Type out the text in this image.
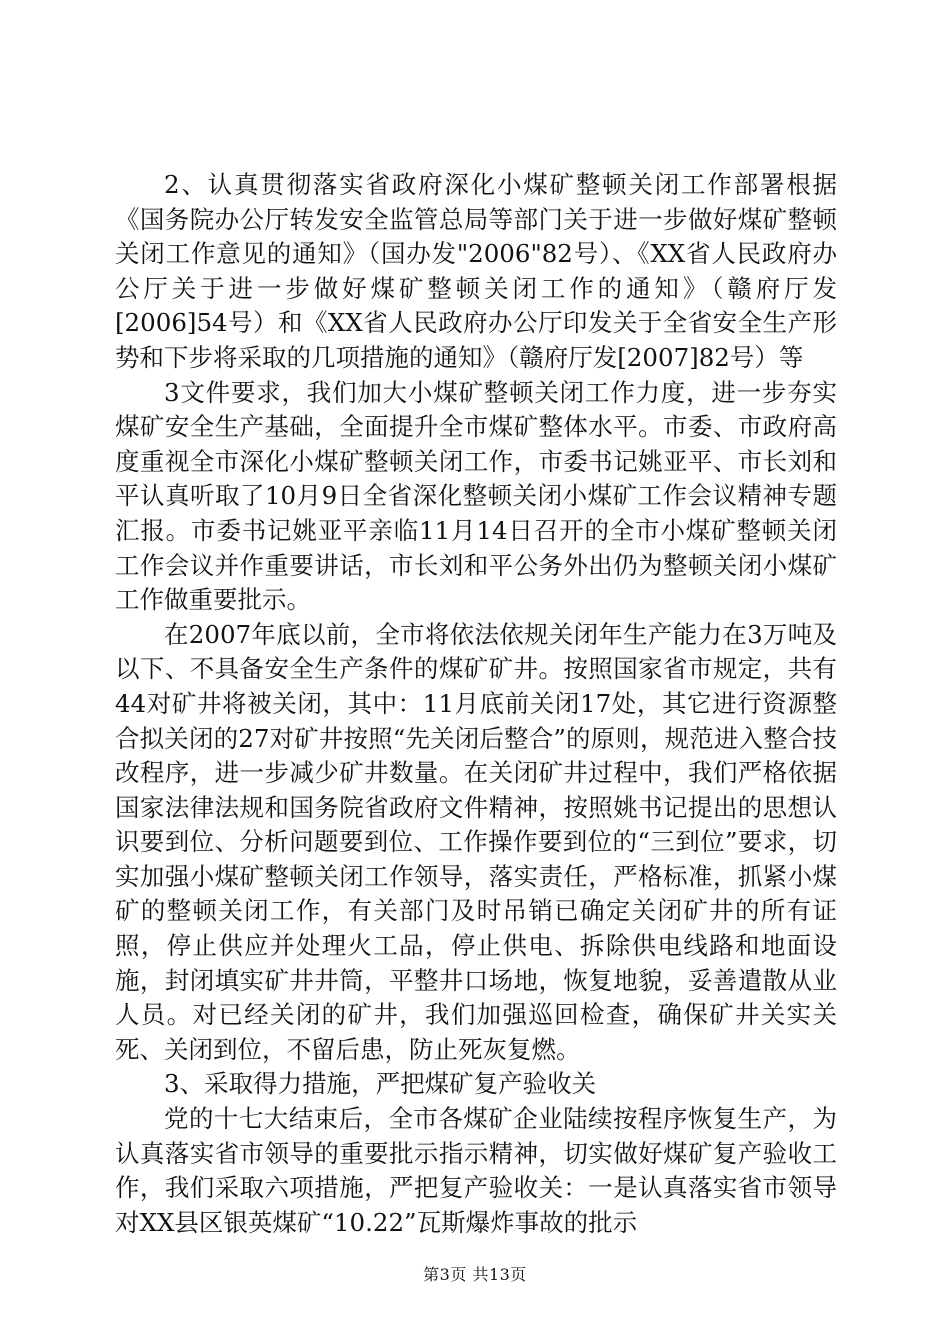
2、认真贯彻落实省政府深化小煤矿整顿关闭工作部署根据《国务院办公厅转发安全监管总局等部门关于进一步做好煤矿整顿关闭工作意见的通知》（国办发"2006"82号）、《XX省人民政府办公厅关于进一步做好煤矿整顿关闭工作的通知》（赣府厅发[2006]54号）和《XX省人民政府办公厅印发关于全省安全生产形势和下步将采取的几项措施的通知》（赣府厅发[2007]82号）等

3文件要求，我们加大小煤矿整顿关闭工作力度，进一步夯实煤矿安全生产基础，全面提升全市煤矿整体水平。市委、市政府高度重视全市深化小煤矿整顿关闭工作，市委书记姚亚平、市长刘和平认真听取了10月9日全省深化整顿关闭小煤矿工作会议精神专题汇报。市委书记姚亚平亲临11月14日召开的全市小煤矿整顿关闭工作会议并作重要讲话，市长刘和平公务外出仍为整顿关闭小煤矿工作做重要批示。

在2007年底以前，全市将依法依规关闭年生产能力在3万吨及以下、不具备安全生产条件的煤矿矿井。按照国家省市规定，共有44对矿井将被关闭，其中：11月底前关闭17处，其它进行资源整合拟关闭的27对矿井按照“先关闭后整合”的原则，规范进入整合技改程序，进一步减少矿井数量。在关闭矿井过程中，我们严格依据国家法律法规和国务院省政府文件精神，按照姚书记提出的思想认识要到位、分析问题要到位、工作操作要到位的“三到位”要求，切实加强小煤矿整顿关闭工作领导，落实责任，严格标准，抓紧小煤矿的整顿关闭工作，有关部门及时吊销已确定关闭矿井的所有证照，停止供应并处理火工品，停止供电、拆除供电线路和地面设施，封闭填实矿井井筒，平整井口场地，恢复地貌，妥善遣散从业人员。对已经关闭的矿井，我们加强巡回检查，确保矿井关实关死、关闭到位，不留后患，防止死灰复燃。

3、采取得力措施，严把煤矿复产验收关

党的十七大结束后，全市各煤矿企业陆续按程序恢复生产，为认真落实省市领导的重要批示指示精神，切实做好煤矿复产验收工作，我们采取六项措施，严把复产验收关：一是认真落实省市领导对XX县区银英煤矿“10.22”瓦斯爆炸事故的批示

第3页 共13页
